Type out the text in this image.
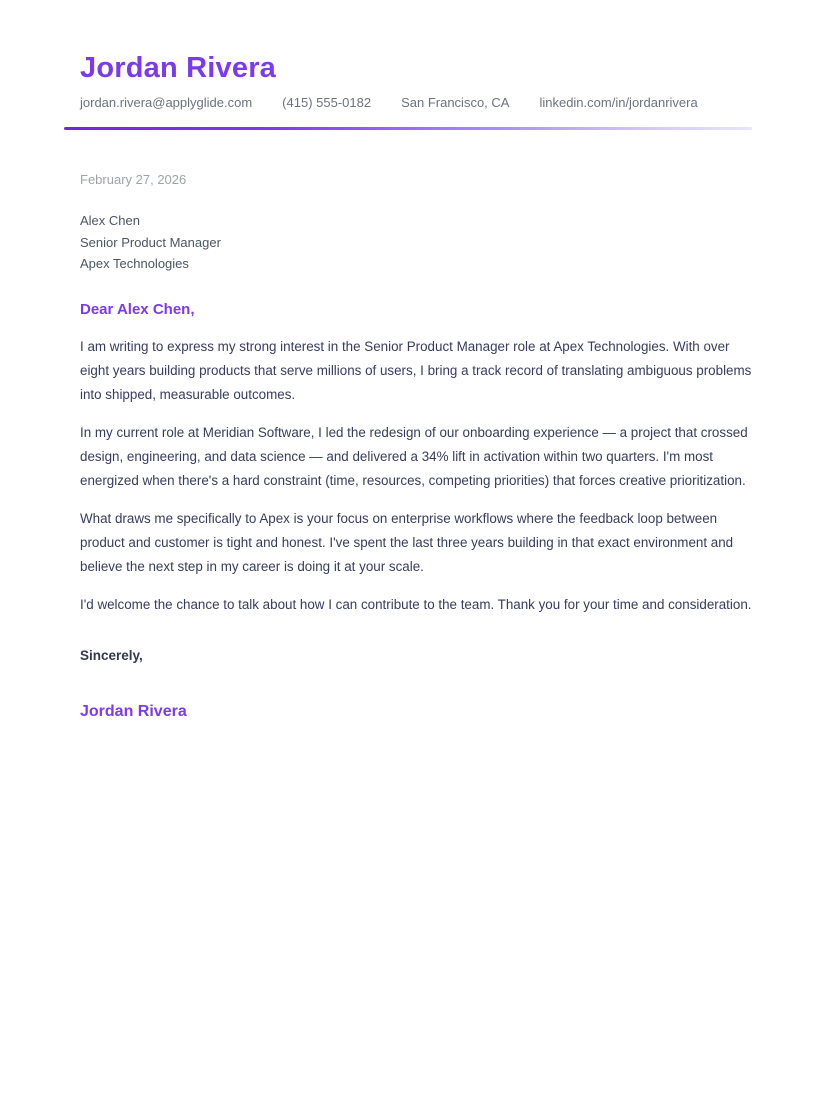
Jordan Rivera
jordan.rivera@applyglide.com (415) 555-0182 San Francisco, CA linkedin.com/in/jordanrivera

February 27, 2026

Alex Chen
Senior Product Manager
Apex Technologies

Dear Alex Chen,

I am writing to express my strong interest in the Senior Product Manager role at Apex Technologies. With over eight years building products that serve millions of users, I bring a track record of translating ambiguous problems into shipped, measurable outcomes.

In my current role at Meridian Software, I led the redesign of our onboarding experience — a project that crossed design, engineering, and data science — and delivered a 34% lift in activation within two quarters. I'm most energized when there's a hard constraint (time, resources, competing priorities) that forces creative prioritization.

What draws me specifically to Apex is your focus on enterprise workflows where the feedback loop between product and customer is tight and honest. I've spent the last three years building in that exact environment and believe the next step in my career is doing it at your scale.

I'd welcome the chance to talk about how I can contribute to the team. Thank you for your time and consideration.

Sincerely,

Jordan Rivera
